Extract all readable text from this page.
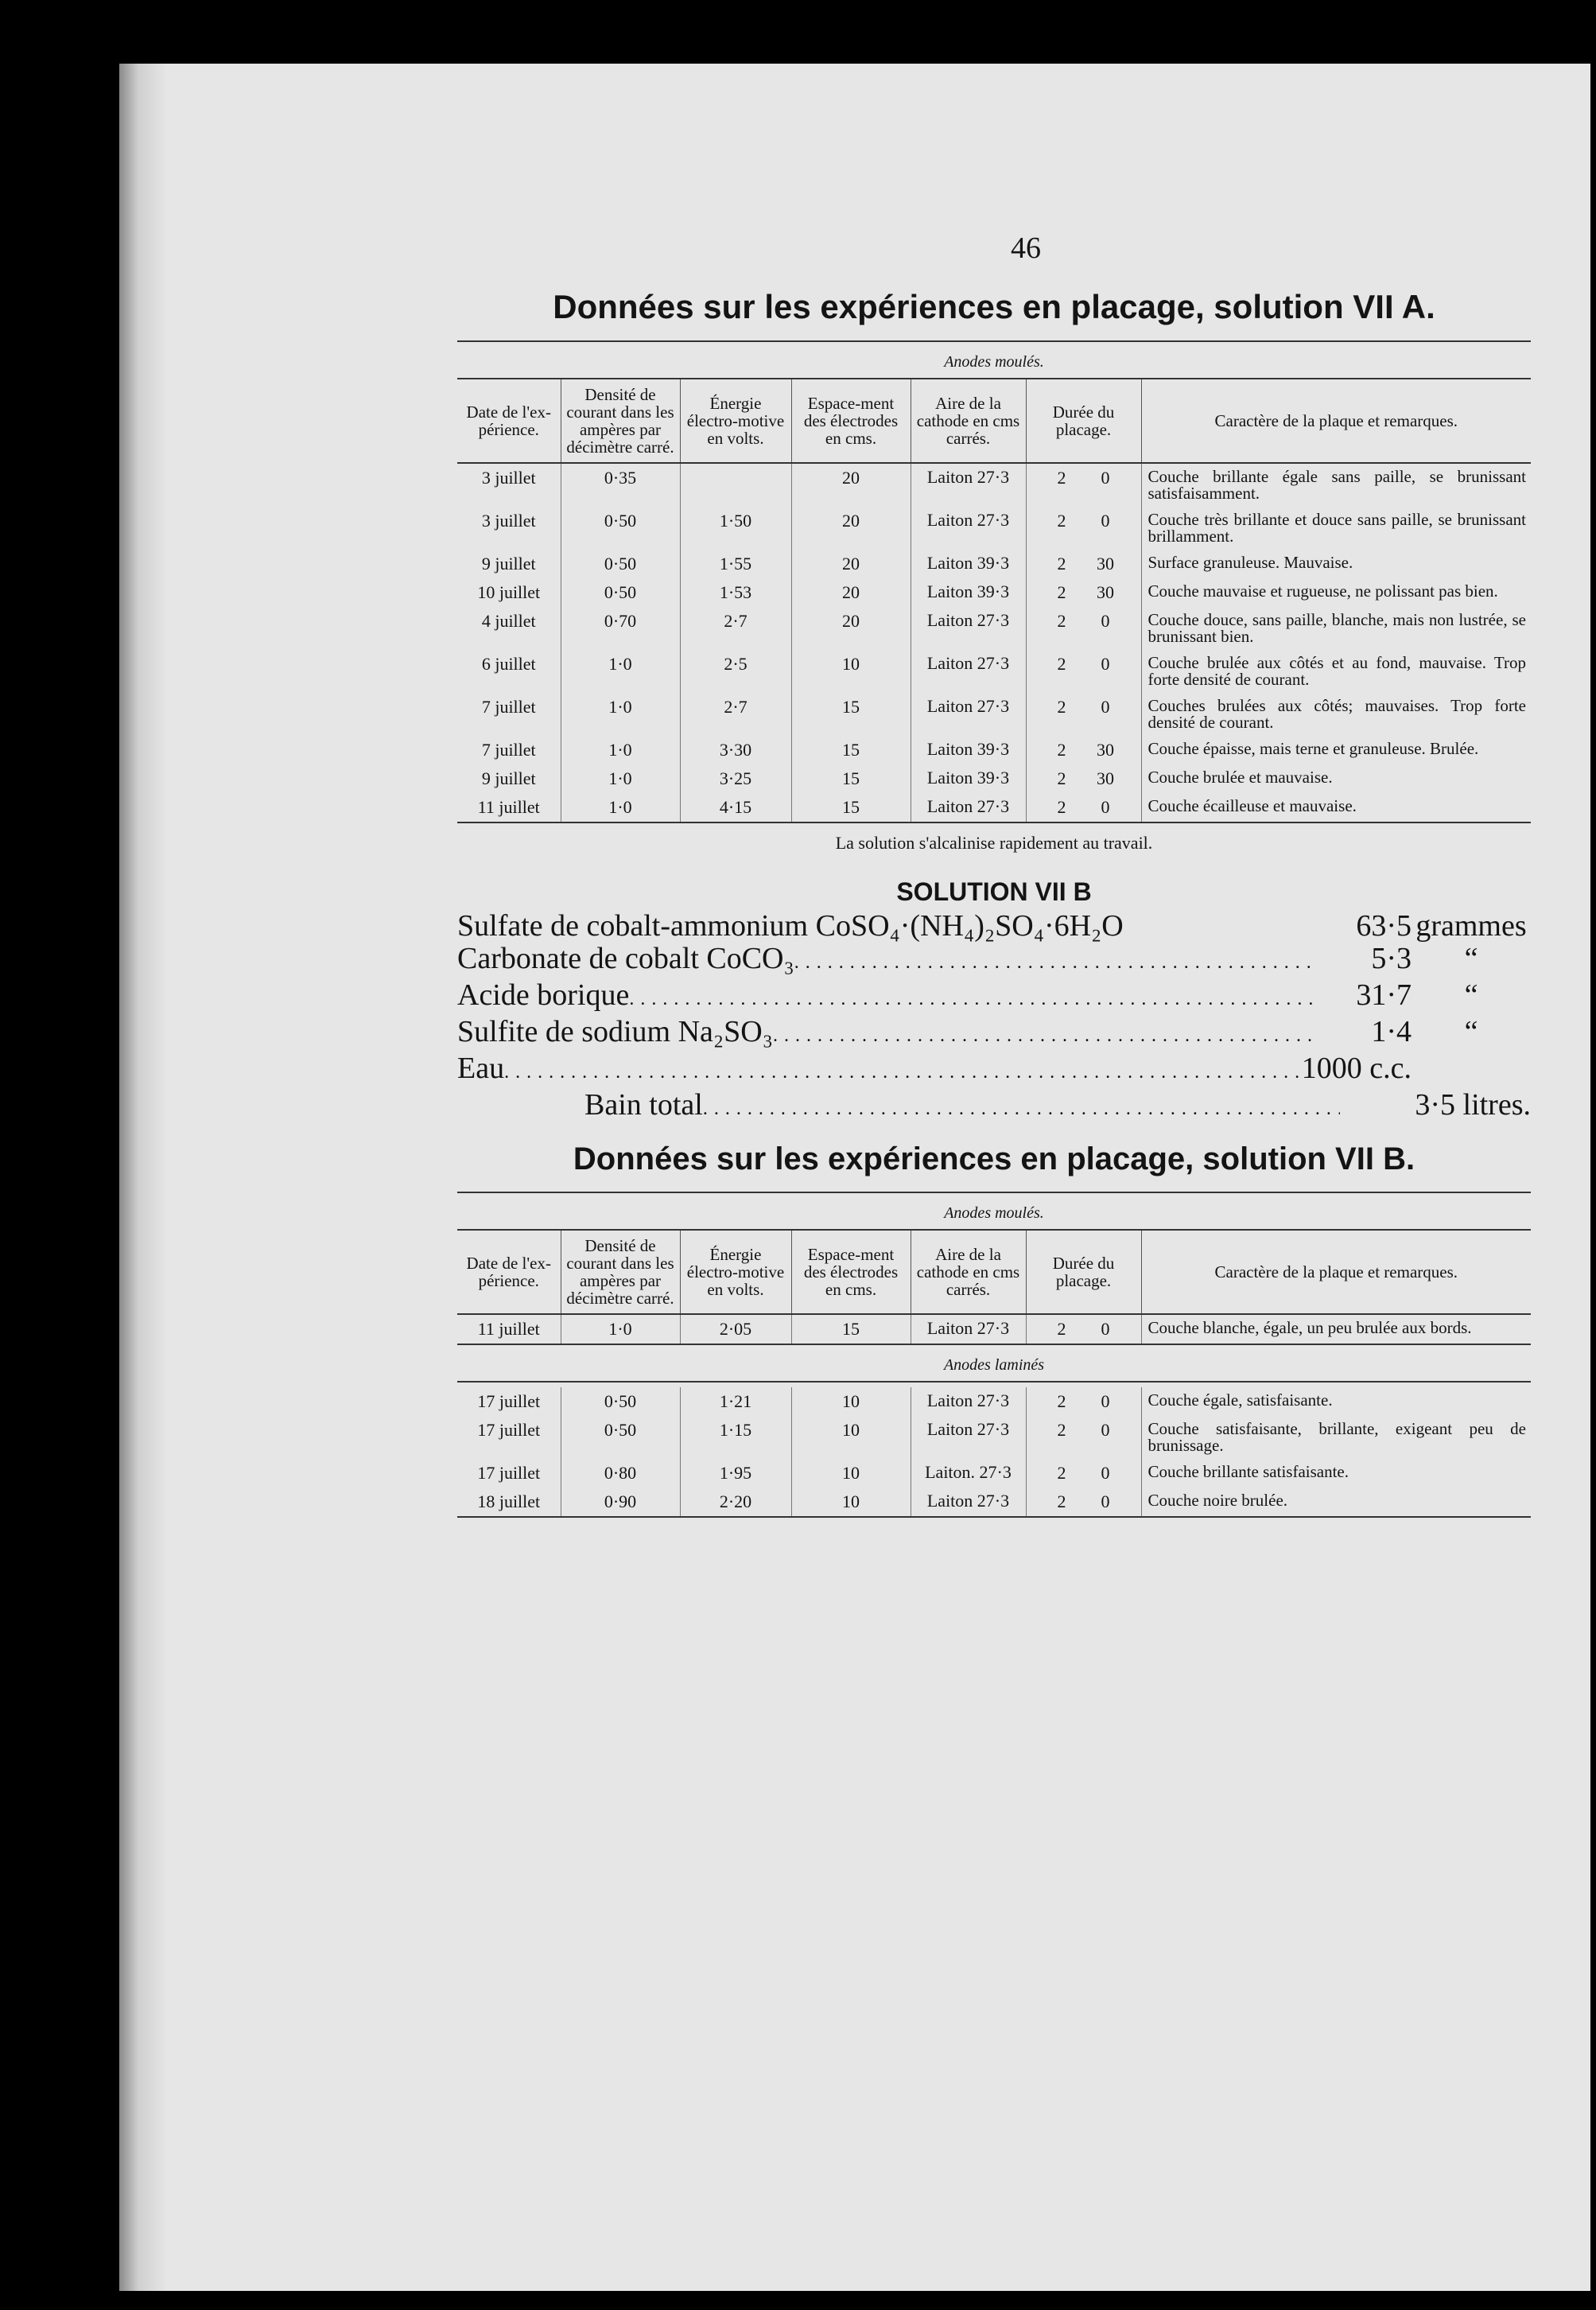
46
Données sur les expériences en placage, solution VII A.
Anodes moulés.
Date de l'ex-périence.	Densité de courant dans les ampères par décimètre carré.	Énergie électro-motive en volts.	Espace-ment des électrodes en cms.	Aire de la cathode en cms carrés.	Durée du placage.	Caractère de la plaque et remarques.
3 juillet	0·35		20	Laiton 27·3	2 0	Couche brillante égale sans paille, se brunissant satisfaisamment.
3 juillet	0·50	1·50	20	Laiton 27·3	2 0	Couche très brillante et douce sans paille, se brunissant brillamment.
9 juillet	0·50	1·55	20	Laiton 39·3	2 30	Surface granuleuse. Mauvaise.
10 juillet	0·50	1·53	20	Laiton 39·3	2 30	Couche mauvaise et rugueuse, ne polissant pas bien.
4 juillet	0·70	2·7	20	Laiton 27·3	2 0	Couche douce, sans paille, blanche, mais non lustrée, se brunissant bien.
6 juillet	1·0	2·5	10	Laiton 27·3	2 0	Couche brulée aux côtés et au fond, mauvaise. Trop forte densité de courant.
7 juillet	1·0	2·7	15	Laiton 27·3	2 0	Couches brulées aux côtés; mauvaises. Trop forte densité de courant.
7 juillet	1·0	3·30	15	Laiton 39·3	2 30	Couche épaisse, mais terne et granuleuse. Brulée.
9 juillet	1·0	3·25	15	Laiton 39·3	2 30	Couche brulée et mauvaise.
11 juillet	1·0	4·15	15	Laiton 27·3	2 0	Couche écailleuse et mauvaise.
La solution s'alcalinise rapidement au travail.
SOLUTION VII B
Sulfate de cobalt-ammonium CoSO₄·(NH₄)₂SO₄·6H₂O	63·5 grammes
Carbonate de cobalt CoCO₃ . . .	5·3	“
Acide borique . . .	31·7	“
Sulfite de sodium Na₂SO₃ . . .	1·4	“
Eau . . .	1000 c.c.
Bain total . . .	3·5 litres.
Données sur les expériences en placage, solution VII B.
Anodes moulés.
Date de l'ex-périence.	Densité de courant dans les ampères par décimètre carré.	Énergie électro-motive en volts.	Espace-ment des électrodes en cms.	Aire de la cathode en cms carrés.	Durée du placage.	Caractère de la plaque et remarques.
11 juillet	1·0	2·05	15	Laiton 27·3	2 0	Couche blanche, égale, un peu brulée aux bords.
Anodes laminés
17 juillet	0·50	1·21	10	Laiton 27·3	2 0	Couche égale, satisfaisante.
17 juillet	0·50	1·15	10	Laiton 27·3	2 0	Couche satisfaisante, brillante, exigeant peu de brunissage.
17 juillet	0·80	1·95	10	Laiton. 27·3	2 0	Couche brillante satisfaisante.
18 juillet	0·90	2·20	10	Laiton 27·3	2 0	Couche noire brulée.
